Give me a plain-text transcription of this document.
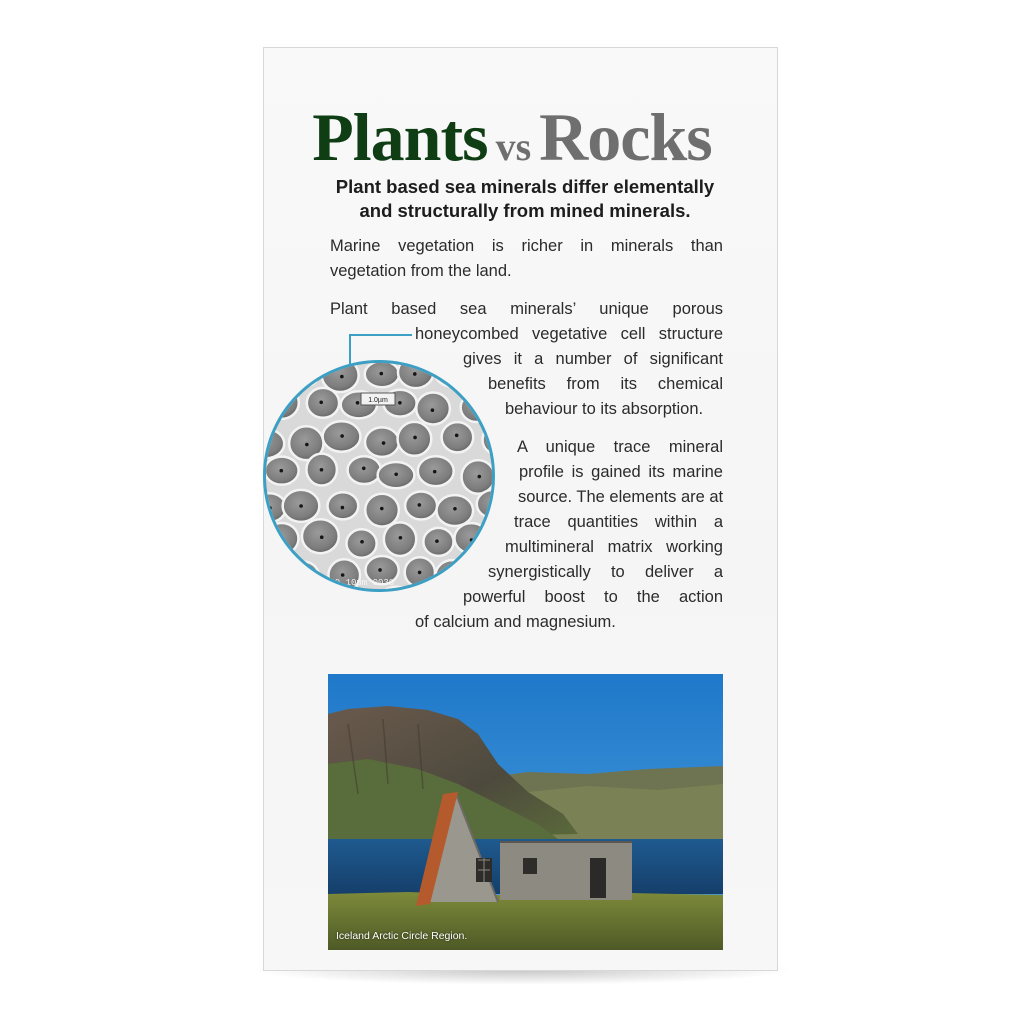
Plants vs Rocks
Plant based sea minerals differ elementally
and structurally from mined minerals.
Marine vegetation is richer in minerals than vegetation from the land.
Plant based sea minerals’ unique porous
honeycombed vegetative cell structure
gives it a number of significant
benefits from its chemical
behaviour to its absorption.
A unique trace mineral
profile is gained its marine
source. The elements are at
trace quantities within a
multimineral matrix working
synergistically to deliver a
powerful boost to the action
of calcium and magnesium.
1.0µm
400 10µm 0030
Iceland Arctic Circle Region.
